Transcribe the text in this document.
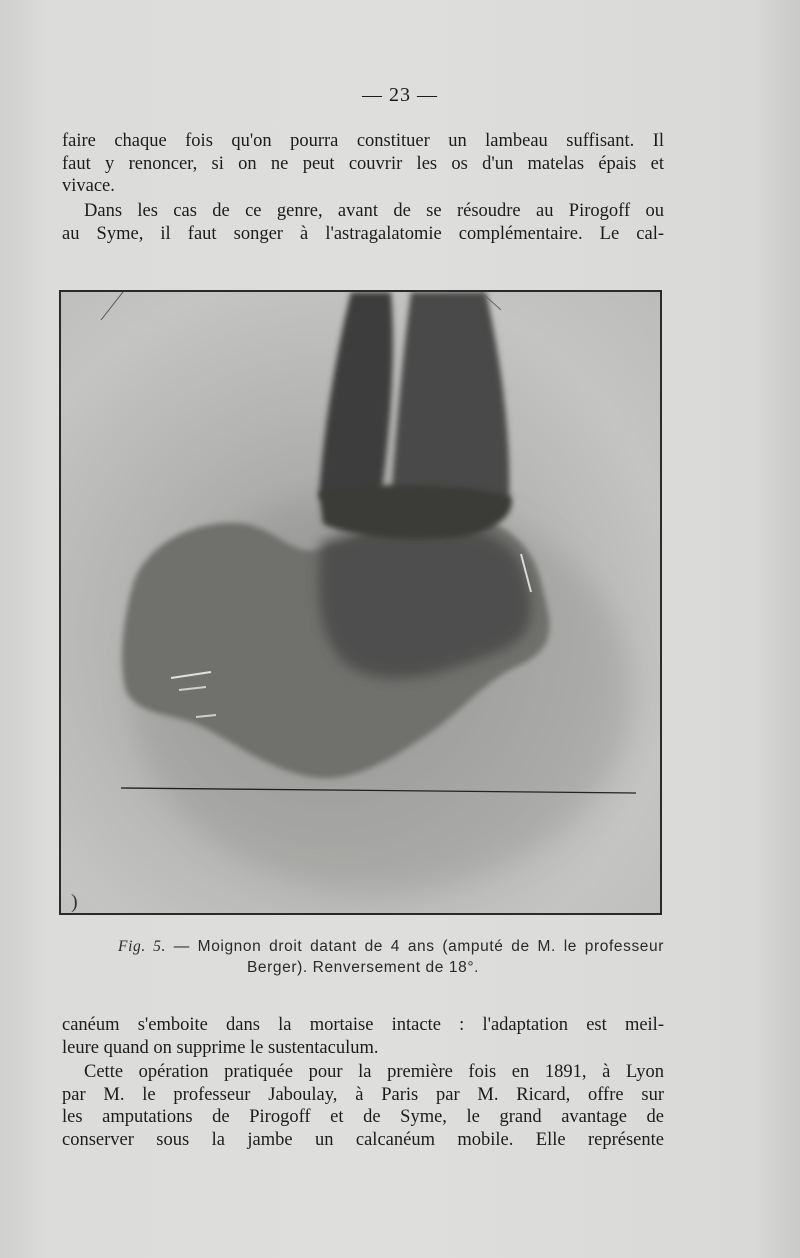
— 23 —

faire chaque fois qu'on pourra constituer un lambeau suffisant. Il
faut y renoncer, si on ne peut couvrir les os d'un matelas épais et
vivace.

Dans les cas de ce genre, avant de se résoudre au Pirogoff ou
au Syme, il faut songer à l'astragalatomie complémentaire. Le cal-

)
Fig. 5. — Moignon droit datant de 4 ans (amputé de M. le professeur
Berger). Renversement de 18°.

canéum s'emboite dans la mortaise intacte : l'adaptation est meil-
leure quand on supprime le sustentaculum.

Cette opération pratiquée pour la première fois en 1891, à Lyon
par M. le professeur Jaboulay, à Paris par M. Ricard, offre sur
les amputations de Pirogoff et de Syme, le grand avantage de
conserver sous la jambe un calcanéum mobile. Elle représente
